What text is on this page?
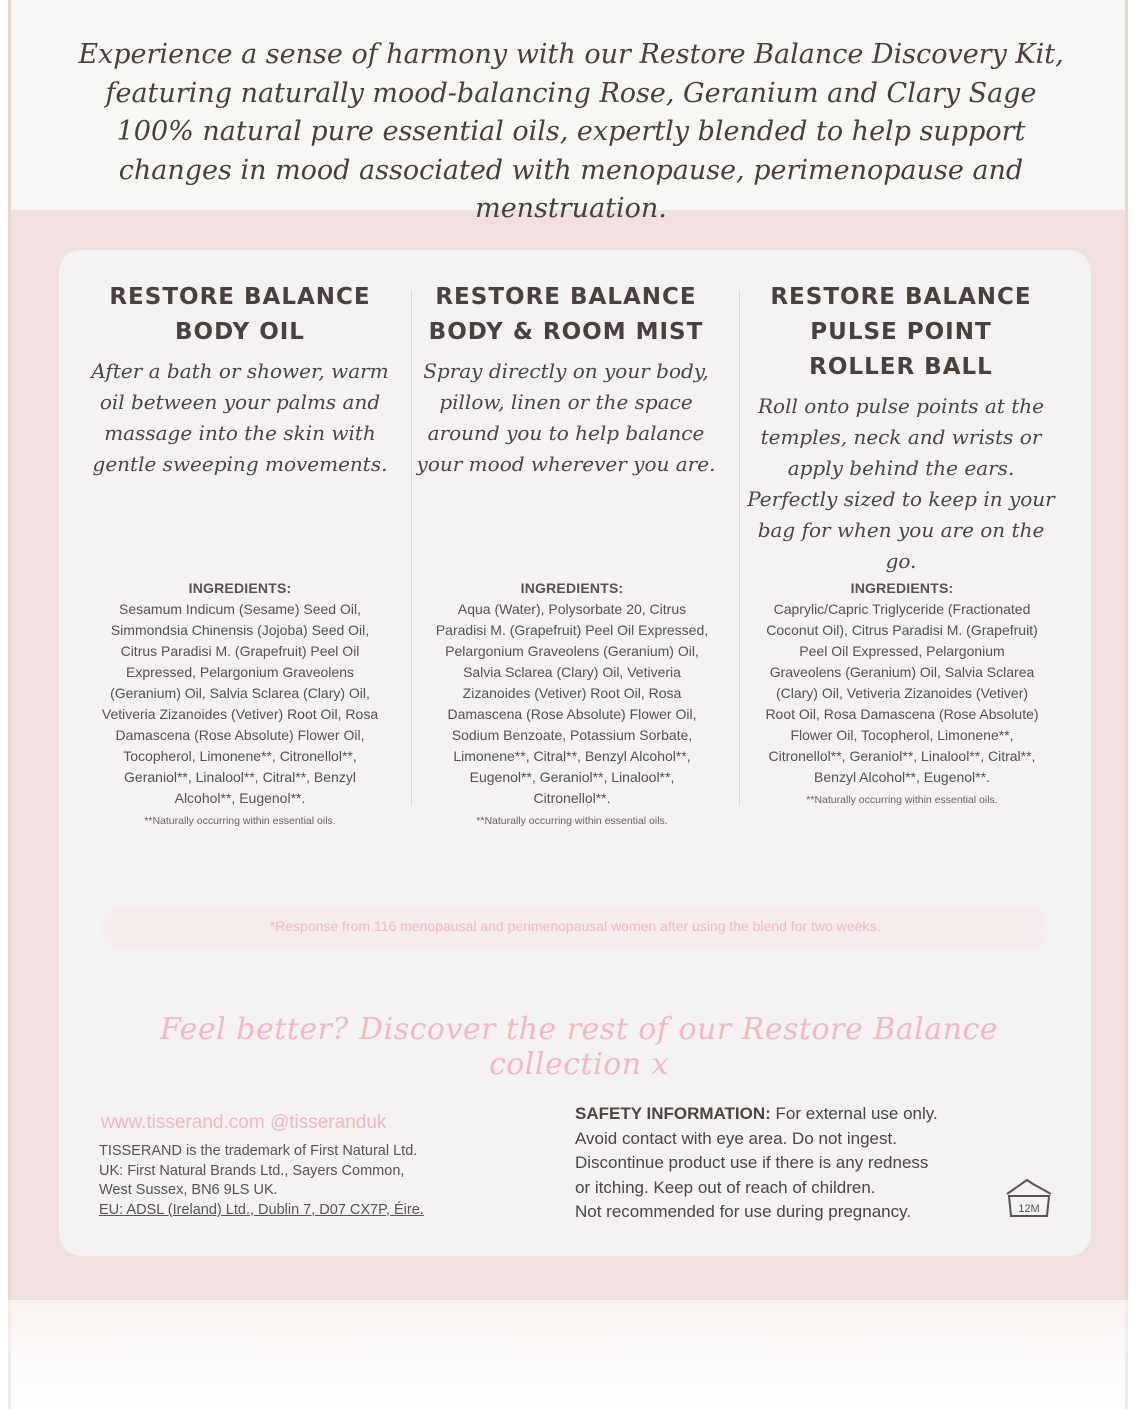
Experience a sense of harmony with our Restore Balance Discovery Kit, featuring naturally mood-balancing Rose, Geranium and Clary Sage 100% natural pure essential oils, expertly blended to help support changes in mood associated with menopause, perimenopause and menstruation.

RESTORE BALANCE
BODY OIL

After a bath or shower, warm oil between your palms and massage into the skin with gentle sweeping movements.

RESTORE BALANCE
BODY & ROOM MIST

Spray directly on your body, pillow, linen or the space around you to help balance your mood wherever you are.

RESTORE BALANCE
PULSE POINT
ROLLER BALL

Roll onto pulse points at the temples, neck and wrists or apply behind the ears. Perfectly sized to keep in your bag for when you are on the go.

INGREDIENTS:
Sesamum Indicum (Sesame) Seed Oil, Simmondsia Chinensis (Jojoba) Seed Oil, Citrus Paradisi M. (Grapefruit) Peel Oil Expressed, Pelargonium Graveolens (Geranium) Oil, Salvia Sclarea (Clary) Oil, Vetiveria Zizanoides (Vetiver) Root Oil, Rosa Damascena (Rose Absolute) Flower Oil, Tocopherol, Limonene**, Citronellol**, Geraniol**, Linalool**, Citral**, Benzyl Alcohol**, Eugenol**.
**Naturally occurring within essential oils.
INGREDIENTS:
Aqua (Water), Polysorbate 20, Citrus Paradisi M. (Grapefruit) Peel Oil Expressed, Pelargonium Graveolens (Geranium) Oil, Salvia Sclarea (Clary) Oil, Vetiveria Zizanoides (Vetiver) Root Oil, Rosa Damascena (Rose Absolute) Flower Oil, Sodium Benzoate, Potassium Sorbate, Limonene**, Citral**, Benzyl Alcohol**, Eugenol**, Geraniol**, Linalool**, Citronellol**.
**Naturally occurring within essential oils.
INGREDIENTS:
Caprylic/Capric Triglyceride (Fractionated Coconut Oil), Citrus Paradisi M. (Grapefruit) Peel Oil Expressed, Pelargonium Graveolens (Geranium) Oil, Salvia Sclarea (Clary) Oil, Vetiveria Zizanoides (Vetiver) Root Oil, Rosa Damascena (Rose Absolute) Flower Oil, Tocopherol, Limonene**, Citronellol**, Geraniol**, Linalool**, Citral**, Benzyl Alcohol**, Eugenol**.
**Naturally occurring within essential oils.
*Response from 116 menopausal and perimenopausal women after using the blend for two weeks.
Feel better? Discover the rest of our Restore Balance collection x
www.tisserand.com @tisseranduk
TISSERAND is the trademark of First Natural Ltd.
UK: First Natural Brands Ltd., Sayers Common,
West Sussex, BN6 9LS UK.
EU: ADSL (Ireland) Ltd., Dublin 7, D07 CX7P, Éire.
SAFETY INFORMATION: For external use only.
Avoid contact with eye area. Do not ingest.
Discontinue product use if there is any redness
or itching. Keep out of reach of children.
Not recommended for use during pregnancy.	12M
